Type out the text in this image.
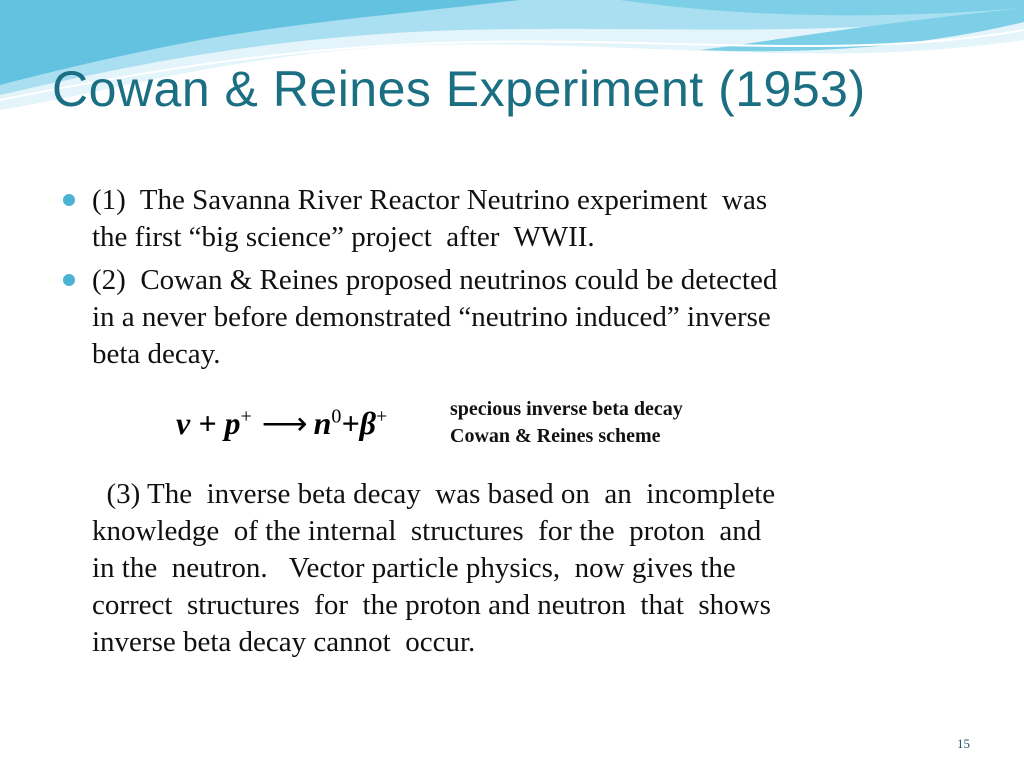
Cowan & Reines Experiment (1953)
(1)  The Savanna River Reactor Neutrino experiment  was
the first “big science” project  after  WWII.
(2)  Cowan & Reines proposed neutrinos could be detected
in a never before demonstrated “neutrino induced” inverse
beta decay.
ν + p+ ⟶ $n^0+\beta^+$	specious inverse beta decay
Cowan & Reines scheme
(3) The  inverse beta decay  was based on  an  incomplete
knowledge  of the internal  structures  for the  proton  and
in the  neutron.   Vector particle physics,  now gives the
correct  structures  for  the proton and neutron  that  shows
inverse beta decay cannot  occur.
15
